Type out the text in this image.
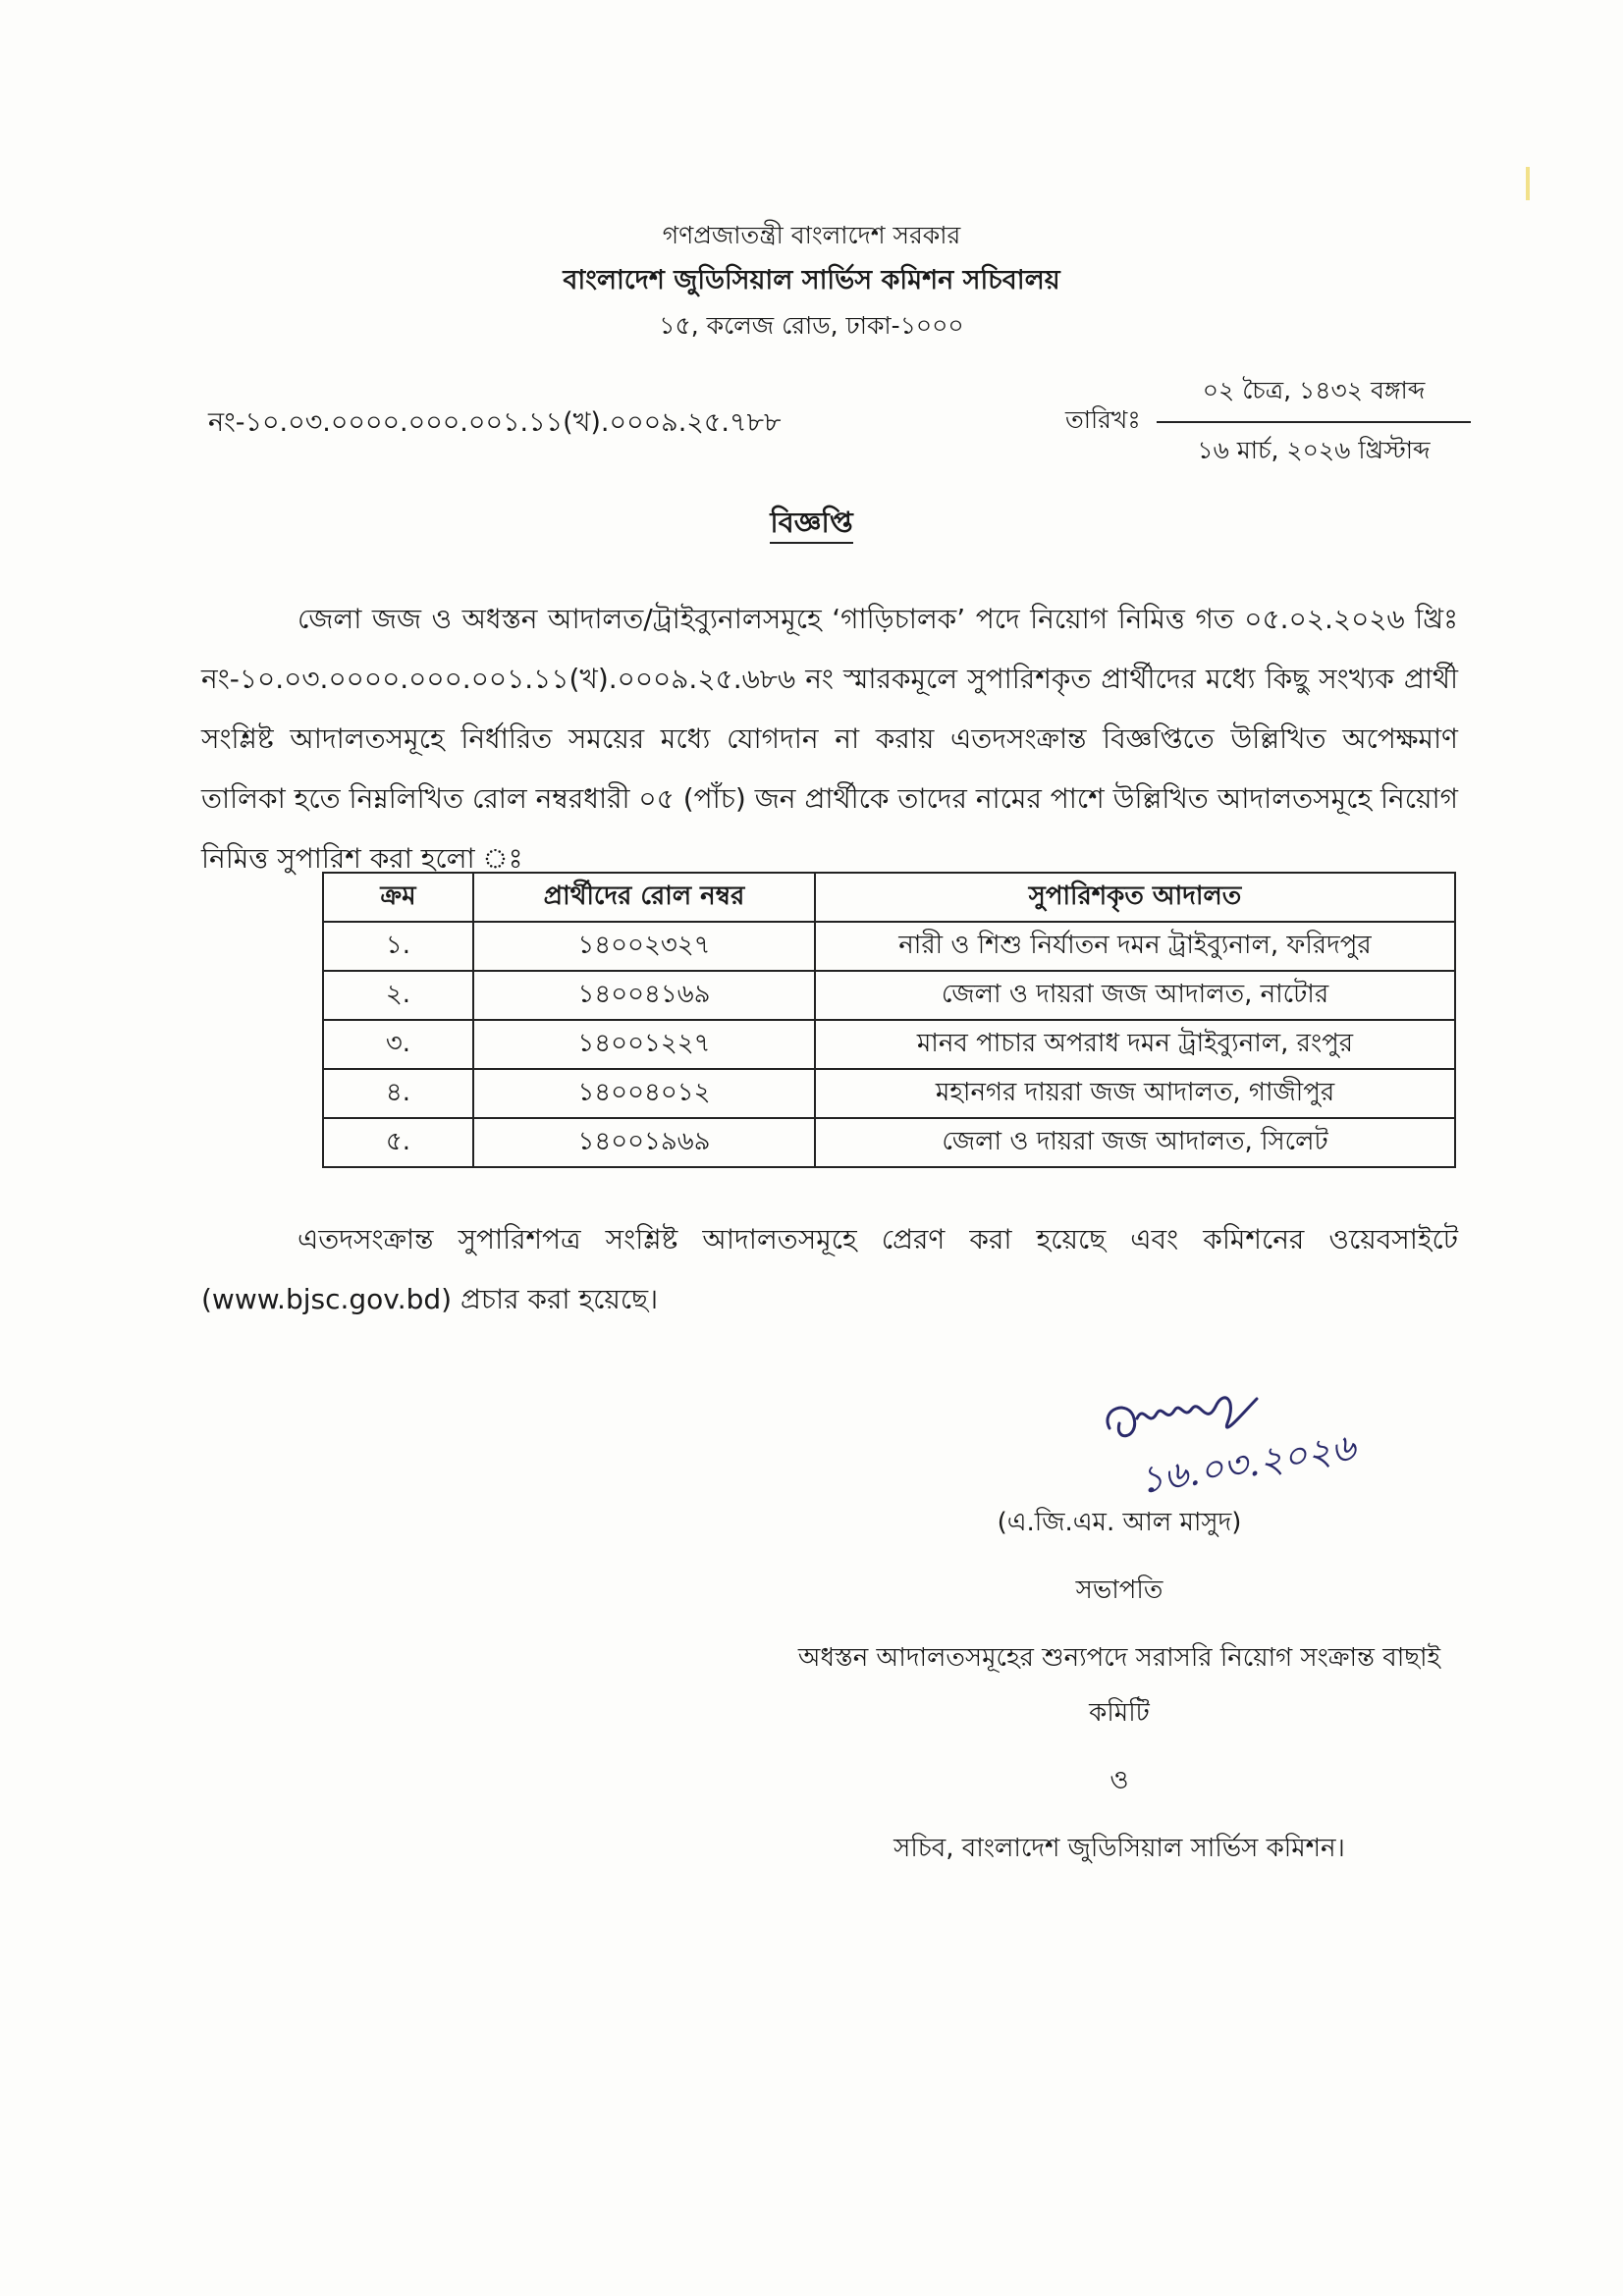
গণপ্রজাতন্ত্রী বাংলাদেশ সরকার
বাংলাদেশ জুডিসিয়াল সার্ভিস কমিশন সচিবালয়
১৫, কলেজ রোড, ঢাকা-১০০০
নং-১০.০৩.০০০০.০০০.০০১.১১(খ).০০০৯.২৫.৭৮৮	তারিখঃ
০২ চৈত্র, ১৪৩২ বঙ্গাব্দ
১৬ মার্চ, ২০২৬ খ্রিস্টাব্দ
বিজ্ঞপ্তি
জেলা জজ ও অধস্তন আদালত/ট্রাইব্যুনালসমূহে ‘গাড়িচালক’ পদে নিয়োগ নিমিত্ত গত ০৫.০২.২০২৬ খ্রিঃ নং-১০.০৩.০০০০.০০০.০০১.১১(খ).০০০৯.২৫.৬৮৬ নং স্মারকমূলে সুপারিশকৃত প্রার্থীদের মধ্যে কিছু সংখ্যক প্রার্থী সংশ্লিষ্ট আদালতসমূহে নির্ধারিত সময়ের মধ্যে যোগদান না করায় এতদসংক্রান্ত বিজ্ঞপ্তিতে উল্লিখিত অপেক্ষমাণ তালিকা হতে নিম্নলিখিত রোল নম্বরধারী ০৫ (পাঁচ) জন প্রার্থীকে তাদের নামের পাশে উল্লিখিত আদালতসমূহে নিয়োগ নিমিত্ত সুপারিশ করা হলো ঃ
ক্রম	প্রার্থীদের রোল নম্বর	সুপারিশকৃত আদালত
১.	১৪০০২৩২৭	নারী ও শিশু নির্যাতন দমন ট্রাইব্যুনাল, ফরিদপুর
২.	১৪০০৪১৬৯	জেলা ও দায়রা জজ আদালত, নাটোর
৩.	১৪০০১২২৭	মানব পাচার অপরাধ দমন ট্রাইব্যুনাল, রংপুর
৪.	১৪০০৪০১২	মহানগর দায়রা জজ আদালত, গাজীপুর
৫.	১৪০০১৯৬৯	জেলা ও দায়রা জজ আদালত, সিলেট
এতদসংক্রান্ত সুপারিশপত্র সংশ্লিষ্ট আদালতসমূহে প্রেরণ করা হয়েছে এবং কমিশনের ওয়েবসাইটে (www.bjsc.gov.bd) প্রচার করা হয়েছে।
১৬.০৩.২০২৬
(এ.জি.এম. আল মাসুদ)
সভাপতি
অধস্তন আদালতসমূহের শুন্যপদে সরাসরি নিয়োগ সংক্রান্ত বাছাই
কমিটি
ও
সচিব, বাংলাদেশ জুডিসিয়াল সার্ভিস কমিশন।
